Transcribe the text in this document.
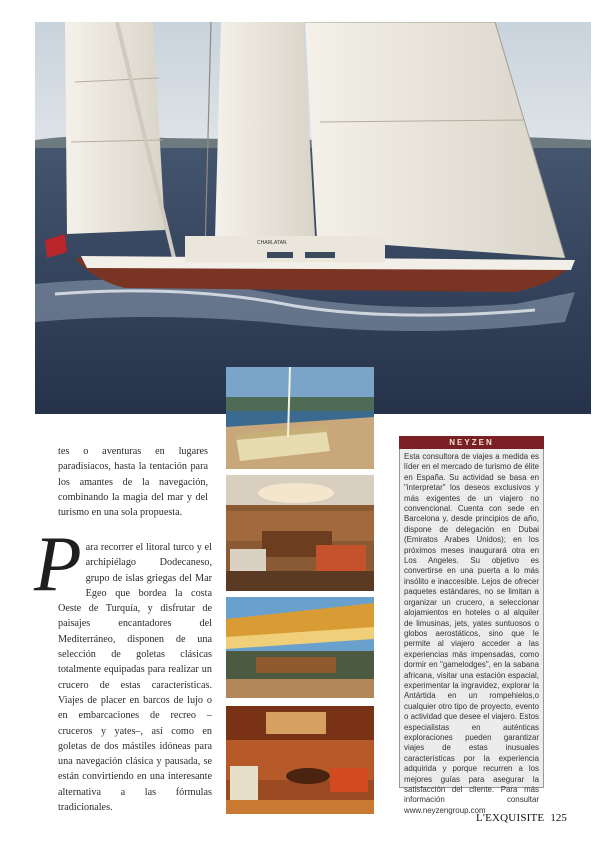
CHARLATAN
tes o aventuras en lugares paradisíacos, hasta la tentación para los amantes de la navegación, combinando la magia del mar y del turismo en una sola propuesta.
P ara recorrer el litoral turco y el archipiélago Dodecaneso, grupo de islas griegas del Mar Egeo que bordea la costa Oeste de Turquía, y disfrutar de paisajes encantadores del Mediterráneo, disponen de una selección de goletas clásicas totalmente equipadas para realizar un crucero de estas características. Viajes de placer en barcos de lujo o en embarcaciones de recreo –cruceros y yates–, así como en goletas de dos mástiles idóneas para una navegación clásica y pausada, se están convirtiendo en una interesante alternativa a las fórmulas tradicionales.
NEYZEN
Esta consultora de viajes a medida es líder en el mercado de turismo de élite en España. Su actividad se basa en "interpretar" los deseos exclusivos y más exigentes de un viajero no convencional. Cuenta con sede en Barcelona y, desde principios de año, dispone de delegación en Dubai (Emiratos Arabes Unidos); en los próximos meses inaugurará otra en Los Angeles. Su objetivo es convertirse en una puerta a lo más insólito e inaccesible. Lejos de ofrecer paquetes estándares, no se limitan a organizar un crucero, a seleccionar alojamientos en hoteles o al alquiler de limusinas, jets, yates suntuosos o globos aerostáticos, sino que le permite al viajero acceder a las experiencias más impensadas, como dormir en "gamelodges", en la sabana africana, visitar una estación espacial, experimentar la ingravidez, explorar la Antártida en un rompehielos,o cualquier otro tipo de proyecto, evento o actividad que desee el viajero. Estos especialistas en auténticas exploraciones pueden garantizar viajes de estas inusuales características por la experiencia adquirida y porque recurren a los mejores guías para asegurar la satisfacción del cliente. Para más información consultar www.neyzengroup.com
L'EXQUISITE 125
